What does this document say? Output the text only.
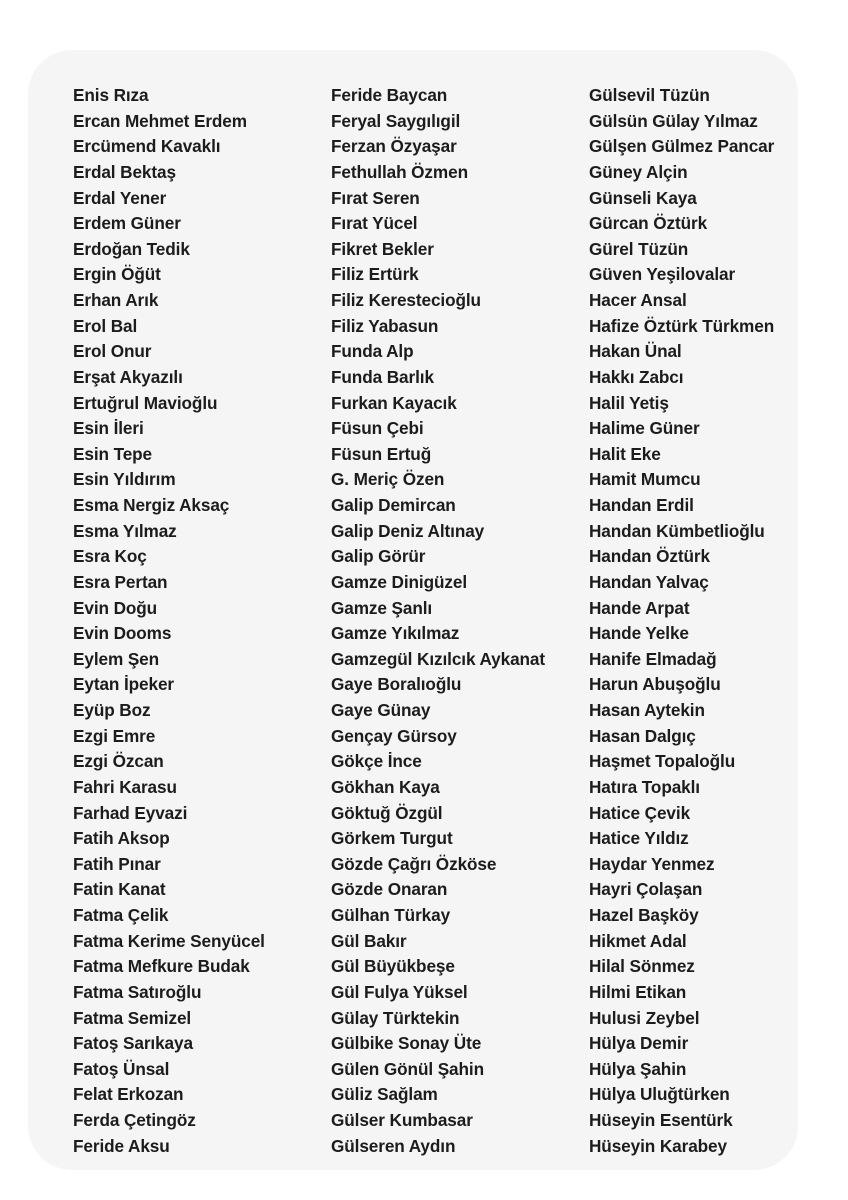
Enis Rıza
Ercan Mehmet Erdem
Ercümend Kavaklı
Erdal Bektaş
Erdal Yener
Erdem Güner
Erdoğan Tedik
Ergin Öğüt
Erhan Arık
Erol Bal
Erol Onur
Erşat Akyazılı
Ertuğrul Mavioğlu
Esin İleri
Esin Tepe
Esin Yıldırım
Esma Nergiz Aksaç
Esma Yılmaz
Esra Koç
Esra Pertan
Evin Doğu
Evin Dooms
Eylem Şen
Eytan İpeker
Eyüp Boz
Ezgi Emre
Ezgi Özcan
Fahri Karasu
Farhad Eyvazi
Fatih Aksop
Fatih Pınar
Fatin Kanat
Fatma Çelik
Fatma Kerime Senyücel
Fatma Mefkure Budak
Fatma Satıroğlu
Fatma Semizel
Fatoş Sarıkaya
Fatoş Ünsal
Felat Erkozan
Ferda Çetingöz
Feride Aksu
Feride Baycan
Feryal Saygılıgil
Ferzan Özyaşar
Fethullah Özmen
Fırat Seren
Fırat Yücel
Fikret Bekler
Filiz Ertürk
Filiz Kerestecioğlu
Filiz Yabasun
Funda Alp
Funda Barlık
Furkan Kayacık
Füsun Çebi
Füsun Ertuğ
G. Meriç Özen
Galip Demircan
Galip Deniz Altınay
Galip Görür
Gamze Dinigüzel
Gamze Şanlı
Gamze Yıkılmaz
Gamzegül Kızılcık Aykanat
Gaye Boralıoğlu
Gaye Günay
Gençay Gürsoy
Gökçe İnce
Gökhan Kaya
Göktuğ Özgül
Görkem Turgut
Gözde Çağrı Özköse
Gözde Onaran
Gülhan Türkay
Gül Bakır
Gül Büyükbeşe
Gül Fulya Yüksel
Gülay Türktekin
Gülbike Sonay Üte
Gülen Gönül Şahin
Güliz Sağlam
Gülser Kumbasar
Gülseren Aydın
Gülsevil Tüzün
Gülsün Gülay Yılmaz
Gülşen Gülmez Pancar
Güney Alçin
Günseli Kaya
Gürcan Öztürk
Gürel Tüzün
Güven Yeşilovalar
Hacer Ansal
Hafize Öztürk Türkmen
Hakan Ünal
Hakkı Zabcı
Halil Yetiş
Halime Güner
Halit Eke
Hamit Mumcu
Handan Erdil
Handan Kümbetlioğlu
Handan Öztürk
Handan Yalvaç
Hande Arpat
Hande Yelke
Hanife Elmadağ
Harun Abuşoğlu
Hasan Aytekin
Hasan Dalgıç
Haşmet Topaloğlu
Hatıra Topaklı
Hatice Çevik
Hatice Yıldız
Haydar Yenmez
Hayri Çolaşan
Hazel Başköy
Hikmet Adal
Hilal Sönmez
Hilmi Etikan
Hulusi Zeybel
Hülya Demir
Hülya Şahin
Hülya Uluğtürken
Hüseyin Esentürk
Hüseyin Karabey
